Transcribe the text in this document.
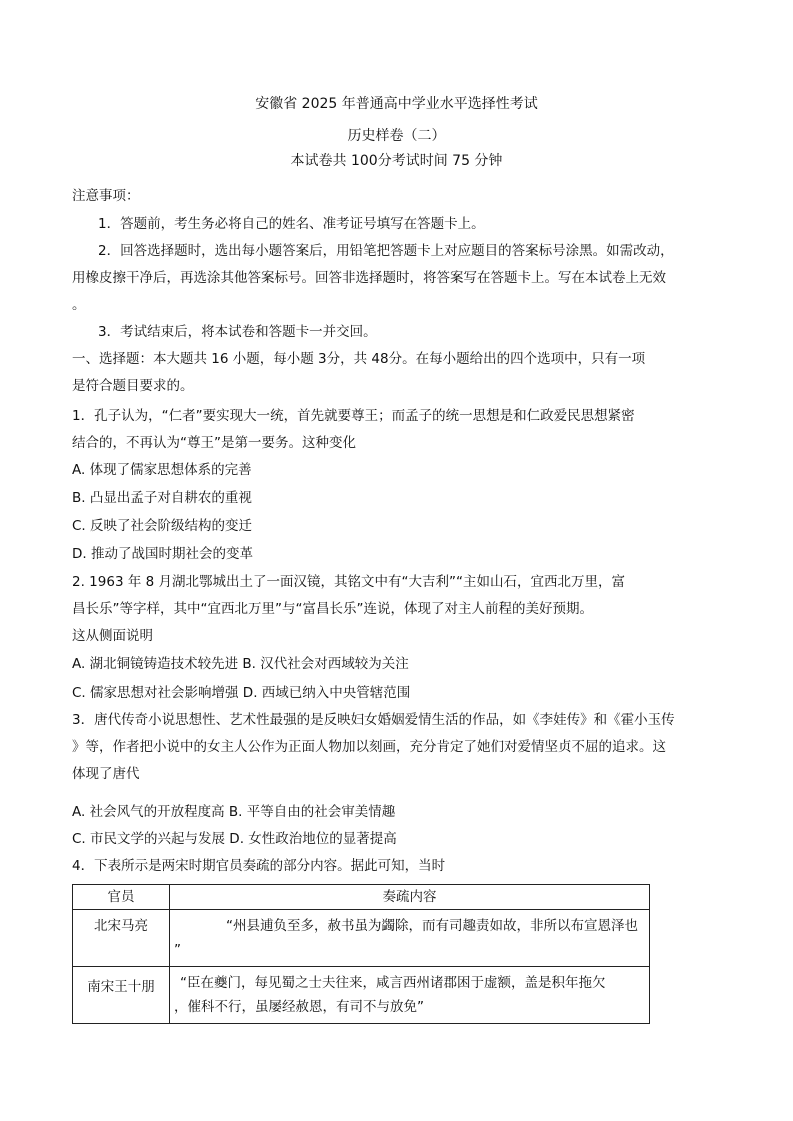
安徽省 2025 年普通高中学业水平选择性考试
历史样卷（二）
本试卷共 100分考试时间 75 分钟
注意事项：
1．答题前，考生务必将自己的姓名、准考证号填写在答题卡上。
2．回答选择题时，选出每小题答案后，用铅笔把答题卡上对应题目的答案标号涂黑。如需改动，
用橡皮擦干净后，再选涂其他答案标号。回答非选择题时，将答案写在答题卡上。写在本试卷上无效
。
3．考试结束后，将本试卷和答题卡一并交回。
一、选择题：本大题共 16 小题，每小题 3分，共 48分。在每小题给出的四个选项中，只有一项
是符合题目要求的。
1．孔子认为，“仁者”要实现大一统，首先就要尊王；而孟子的统一思想是和仁政爱民思想紧密
结合的，不再认为“尊王”是第一要务。这种变化
A. 体现了儒家思想体系的完善
B. 凸显出孟子对自耕农的重视
C. 反映了社会阶级结构的变迁
D. 推动了战国时期社会的变革
2. 1963 年 8 月湖北鄂城出土了一面汉镜，其铭文中有“大吉利”“主如山石，宜西北万里，富
昌长乐”等字样，其中“宜西北万里”与“富昌长乐”连说，体现了对主人前程的美好预期。
这从侧面说明
A. 湖北铜镜铸造技术较先进 B. 汉代社会对西域较为关注
C. 儒家思想对社会影响增强 D. 西域已纳入中央管辖范围
3．唐代传奇小说思想性、艺术性最强的是反映妇女婚姻爱情生活的作品，如《李娃传》和《霍小玉传
》等，作者把小说中的女主人公作为正面人物加以刻画，充分肯定了她们对爱情坚贞不屈的追求。这
体现了唐代
A. 社会风气的开放程度高 B. 平等自由的社会审美情趣
C. 市民文学的兴起与发展 D. 女性政治地位的显著提高
4．下表所示是两宋时期官员奏疏的部分内容。据此可知，当时
官员	奏疏内容
北宋马亮	“州县逋负至多，赦书虽为蠲除，而有司趣责如故，非所以布宣恩泽也
”

南宋王十朋	“臣在夔门，每见蜀之士夫往来，咸言西州诸郡困于虚额，盖是积年拖欠
，催科不行，虽屡经赦恩，有司不与放免”
